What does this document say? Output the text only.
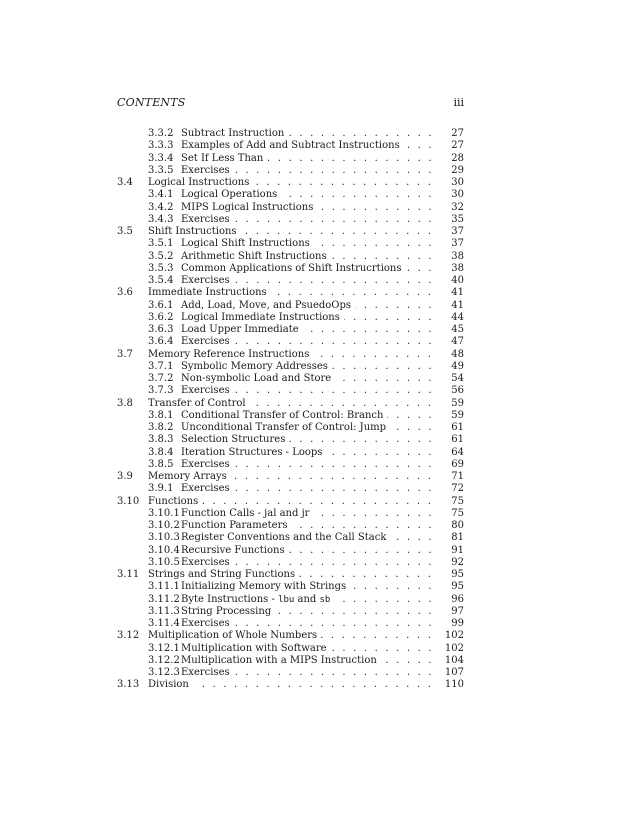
CONTENTS	iii
3.3.2 Subtract Instruction . . .	27
3.3.3 Examples of Add and Subtract Instructions . . .	27
3.3.4 Set If Less Than . . .	28
3.3.5 Exercises . . .	29
3.4 Logical Instructions . . .	30
3.4.1 Logical Operations . . .	30
3.4.2 MIPS Logical Instructions . . .	32
3.4.3 Exercises . . .	35
3.5 Shift Instructions . . .	37
3.5.1 Logical Shift Instructions . . .	37
3.5.2 Arithmetic Shift Instructions . . .	38
3.5.3 Common Applications of Shift Instrucrtions . . .	38
3.5.4 Exercises . . .	40
3.6 Immediate Instructions . . .	41
3.6.1 Add, Load, Move, and PsuedoOps . . .	41
3.6.2 Logical Immediate Instructions . . .	44
3.6.3 Load Upper Immediate . . .	45
3.6.4 Exercises . . .	47
3.7 Memory Reference Instructions . . .	48
3.7.1 Symbolic Memory Addresses . . .	49
3.7.2 Non-symbolic Load and Store . . .	54
3.7.3 Exercises . . .	56
3.8 Transfer of Control . . .	59
3.8.1 Conditional Transfer of Control: Branch . . .	59
3.8.2 Unconditional Transfer of Control: Jump . . .	61
3.8.3 Selection Structures . . .	61
3.8.4 Iteration Structures - Loops . . .	64
3.8.5 Exercises . . .	69
3.9 Memory Arrays . . .	71
3.9.1 Exercises . . .	72
3.10 Functions . . .	75
3.10.1 Function Calls - jal and jr . . .	75
3.10.2 Function Parameters . . .	80
3.10.3 Register Conventions and the Call Stack . . .	81
3.10.4 Recursive Functions . . .	91
3.10.5 Exercises . . .	92
3.11 Strings and String Functions . . .	95
3.11.1 Initializing Memory with Strings . . .	95
3.11.2 Byte Instructions - lbu and sb . . .	96
3.11.3 String Processing . . .	97
3.11.4 Exercises . . .	99
3.12 Multiplication of Whole Numbers . . .	102
3.12.1 Multiplication with Software . . .	102
3.12.2 Multiplication with a MIPS Instruction . . .	104
3.12.3 Exercises . . .	107
3.13 Division . . .	110
